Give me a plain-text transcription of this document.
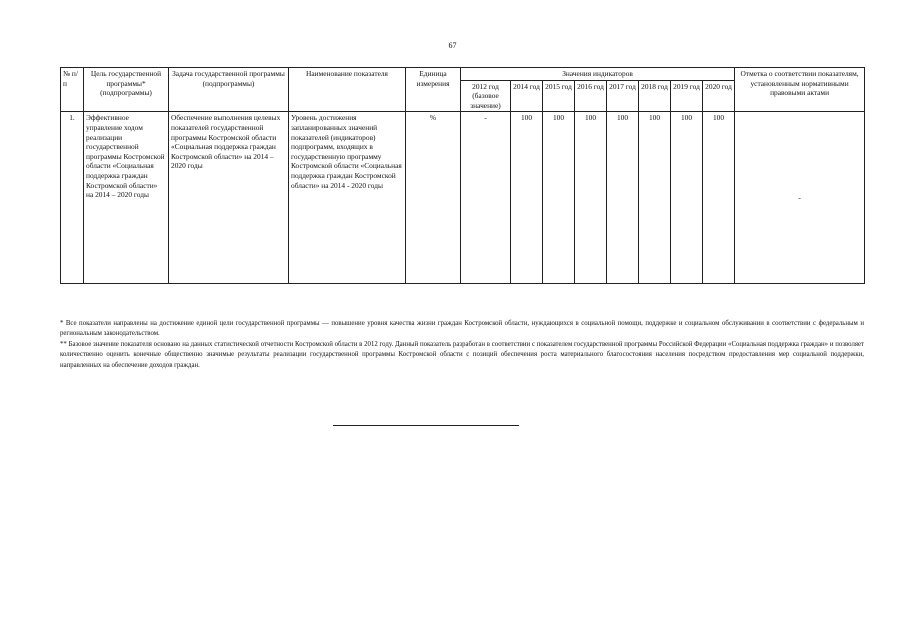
67
№ п/п	Цель государственной программы* (подпрограммы)	Задача государственной программы (подпрограммы)	Наименование показателя	Единица измерения	Значения индикаторов								Отметка о соответствии показателям, установленным нормативными правовыми актами
					2012 год (базовое значение)	2014 год	2015 год	2016 год	2017 год	2018 год	2019 год	2020 год	
1.	Эффективное управление ходом реализации государственной программы Костромской области «Социальная поддержка граждан Костромской области» на 2014 – 2020 годы	Обеспечение выполнения целевых показателей государственной программы Костромской области «Социальная поддержка граждан Костромской области» на 2014 – 2020 годы	Уровень достижения запланированных значений показателей (индикаторов) подпрограмм, входящих в государственную программу Костромской области «Социальная поддержка граждан Костромской области» на 2014 - 2020 годы	%	-	100	100	100	100	100	100	100	-

* Все показатели направлены на достижение единой цели государственной программы — повышение уровня качества жизни граждан Костромской области, нуждающихся в социальной помощи, поддержке и социальном обслуживании в соответствии с федеральным и региональным законодательством.

** Базовое значение показателя основано на данных статистической отчетности Костромской области в 2012 году. Данный показатель разработан в соответствии с показателем государственной программы Российской Федерации «Социальная поддержка граждан» и позволяет количественно оценить конечные общественно значимые результаты реализации государственной программы Костромской области с позиций обеспечения роста материального благосостояния населения посредством предоставления мер социальной поддержки, направленных на обеспечение доходов граждан.
